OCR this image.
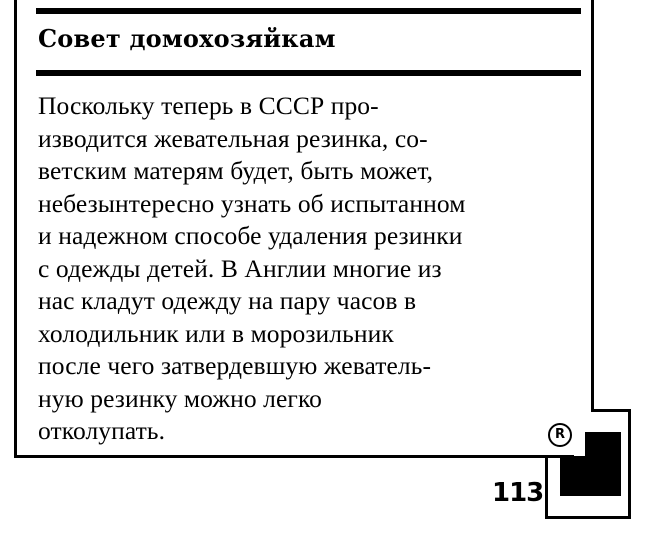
Совет домохозяйкам
Поскольку теперь в СССР про-
изводится жевательная резинка, со-
ветским матерям будет, быть может,
небезынтересно узнать об испытанном
и надежном способе удаления резинки
с одежды детей. В Англии многие из
нас кладут одежду на пару часов в
холодильник или в морозильник
после чего затвердевшую жеватель-
ную резинку можно легко
отколупать.	R
113
